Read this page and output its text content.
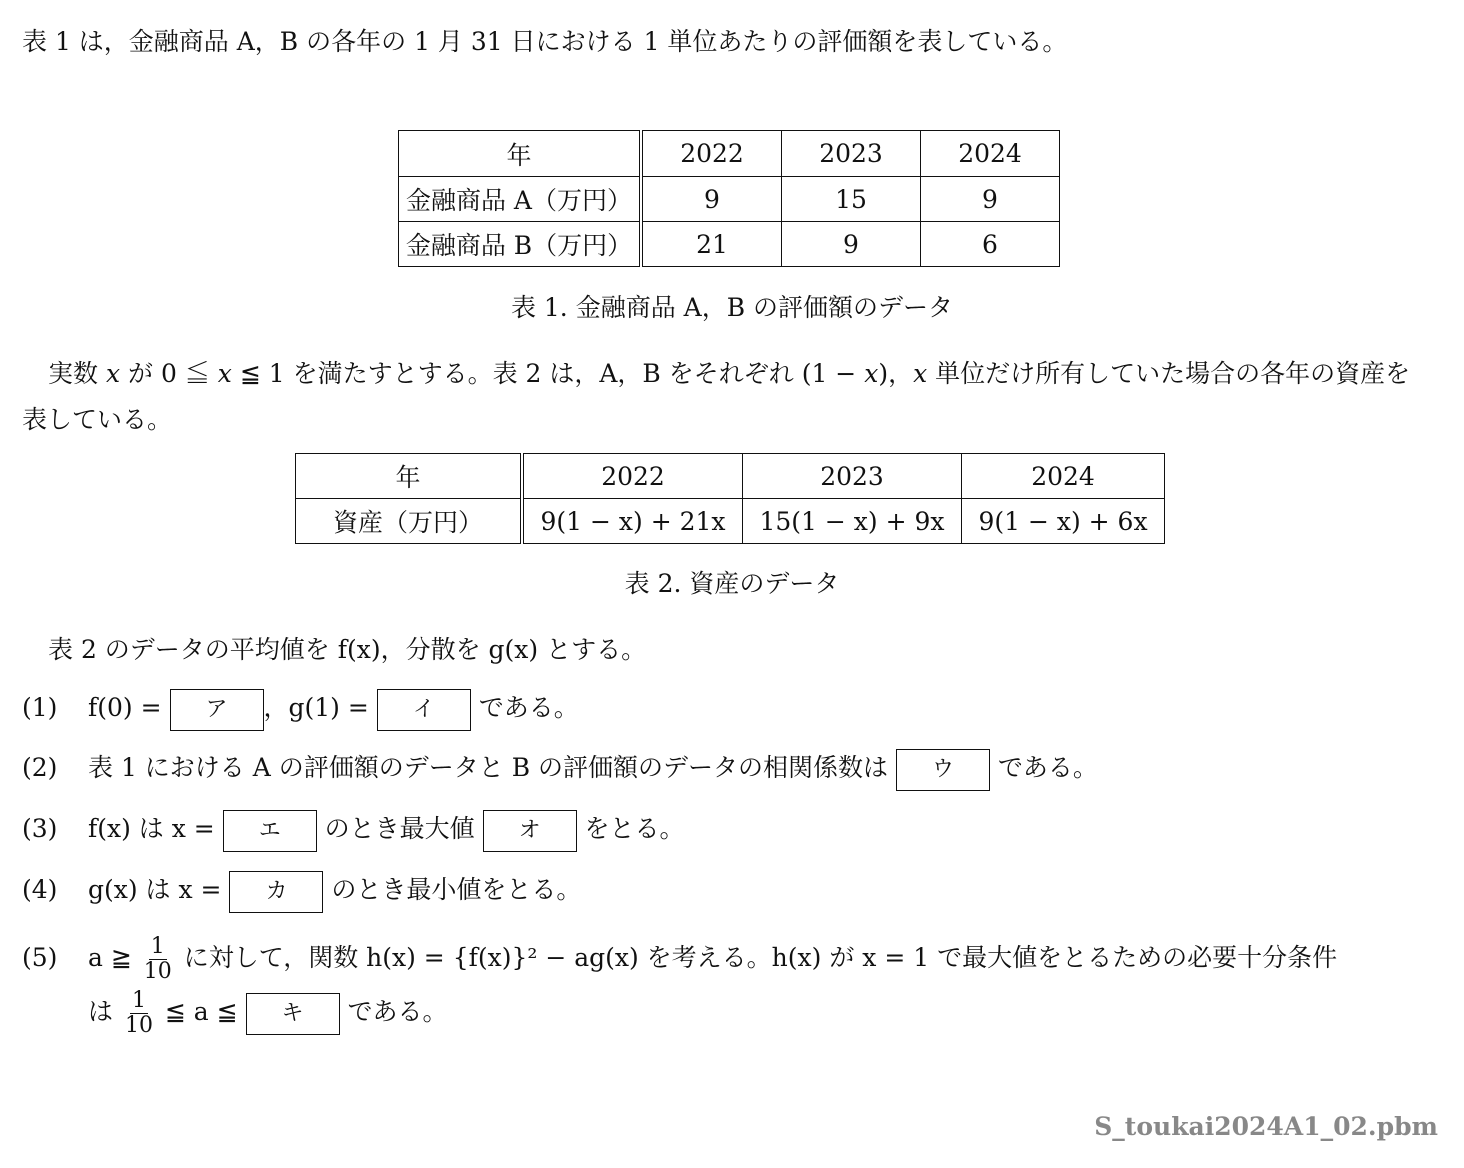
表 1 は，金融商品 A，B の各年の 1 月 31 日における 1 単位あたりの評価額を表している。
年	2022	2023	2024
金融商品 A（万円）	9	15	9
金融商品 B（万円）	21	9	6
表 1. 金融商品 A，B の評価額のデータ
実数 x が 0 ≦ x ≦ 1 を満たすとする。表 2 は，A，B をそれぞれ (1 − x)，x 単位だけ所有していた場合の各年の資産を
表している。
年	2022	2023	2024
資産（万円）	9(1 − x) + 21x	15(1 − x) + 9x	9(1 − x) + 6x
表 2. 資産のデータ
表 2 のデータの平均値を f(x)，分散を g(x) とする。
(1) f(0) = ア ，g(1) = イ である。
(2) 表 1 における A の評価額のデータと B の評価額のデータの相関係数は ウ である。
(3) f(x) は x = エ のとき最大値 オ をとる。
(4) g(x) は x = カ のとき最小値をとる。
(5) a ≧ $\frac{1}{10}$ に対して，関数 h(x) = {f(x)}² − ag(x) を考える。h(x) が x = 1 で最大値をとるための必要十分条件
は $\frac{1}{10}$ ≦ a ≦ キ である。
S_toukai2024A1_02.pbm
